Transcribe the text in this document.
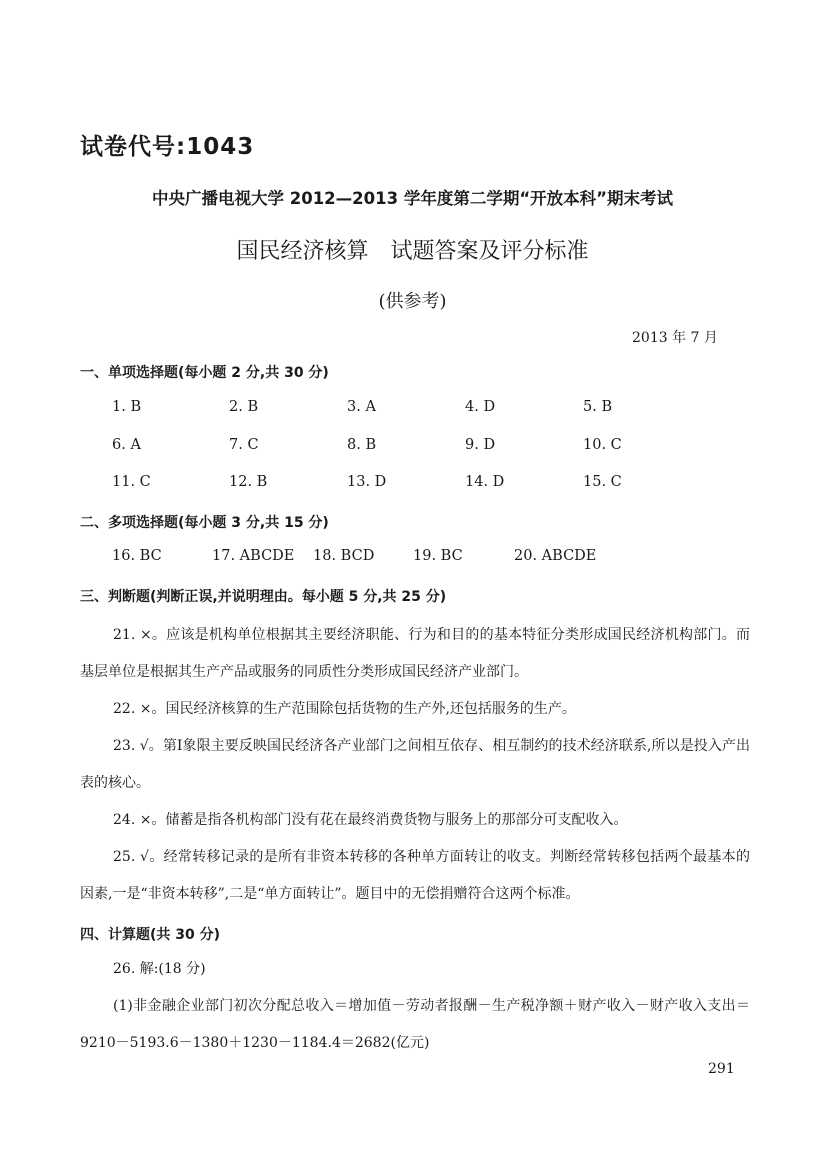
试卷代号:1043
中央广播电视大学 2012—2013 学年度第二学期“开放本科”期末考试
国民经济核算　试题答案及评分标准
(供参考)
2013 年 7 月
一、单项选择题(每小题 2 分,共 30 分)
1. B	2. B	3. A	4. D	5. B
6. A	7. C	8. B	9. D	10. C
11. C	12. B	13. D	14. D	15. C
二、多项选择题(每小题 3 分,共 15 分)
16. BC	17. ABCDE 18. BCD	19. BC	20. ABCDE
三、判断题(判断正误,并说明理由。每小题 5 分,共 25 分)
21. ×。应该是机构单位根据其主要经济职能、行为和目的的基本特征分类形成国民经济机构部门。而基层单位是根据其生产产品或服务的同质性分类形成国民经济产业部门。
22. ×。国民经济核算的生产范围除包括货物的生产外,还包括服务的生产。
23. √。第Ⅰ象限主要反映国民经济各产业部门之间相互依存、相互制约的技术经济联系,所以是投入产出表的核心。
24. ×。储蓄是指各机构部门没有花在最终消费货物与服务上的那部分可支配收入。
25. √。经常转移记录的是所有非资本转移的各种单方面转让的收支。判断经常转移包括两个最基本的因素,一是“非资本转移”,二是“单方面转让”。题目中的无偿捐赠符合这两个标准。
四、计算题(共 30 分)
26. 解:(18 分)
(1)非金融企业部门初次分配总收入＝增加值－劳动者报酬－生产税净额＋财产收入－财产收入支出＝9210－5193.6－1380＋1230－1184.4＝2682(亿元)
291
